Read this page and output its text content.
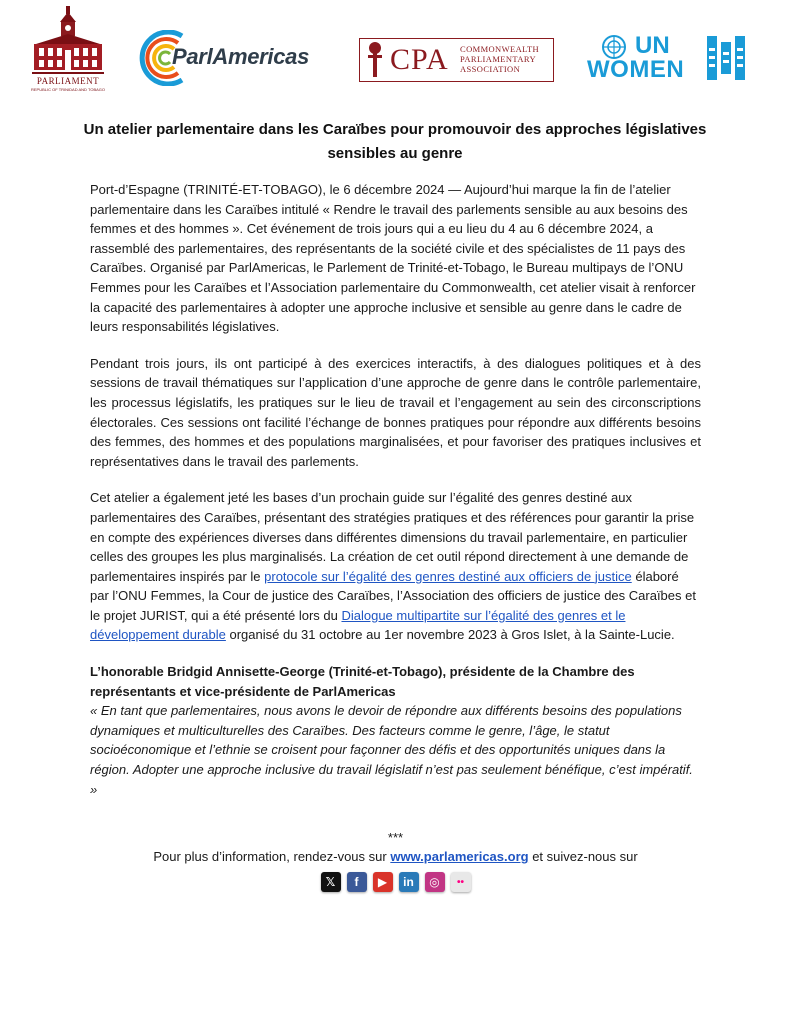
PARLIAMENT
REPUBLIC OF TRINIDAD AND TOBAGO
ParlAmericas	CPA COMMONWEALTH
PARLIAMENTARY
ASSOCIATION
UN
WOMEN
Un atelier parlementaire dans les Caraïbes pour promouvoir des approches législatives sensibles au genre

Port-d’Espagne (TRINITÉ-ET-TOBAGO), le 6 décembre 2024 — Aujourd’hui marque la fin de l’atelier parlementaire dans les Caraïbes intitulé « Rendre le travail des parlements sensible au aux besoins des femmes et des hommes ». Cet événement de trois jours qui a eu lieu du 4 au 6 décembre 2024, a rassemblé des parlementaires, des représentants de la société civile et des spécialistes de 11 pays des Caraïbes. Organisé par ParlAmericas, le Parlement de Trinité-et-Tobago, le Bureau multipays de l’ONU Femmes pour les Caraïbes et l’Association parlementaire du Commonwealth, cet atelier visait à renforcer la capacité des parlementaires à adopter une approche inclusive et sensible au genre dans le cadre de leurs responsabilités législatives.

Pendant trois jours, ils ont participé à des exercices interactifs, à des dialogues politiques et à des sessions de travail thématiques sur l’application d’une approche de genre dans le contrôle parlementaire, les processus législatifs, les pratiques sur le lieu de travail et l’engagement au sein des circonscriptions électorales. Ces sessions ont facilité l’échange de bonnes pratiques pour répondre aux différents besoins des femmes, des hommes et des populations marginalisées, et pour favoriser des pratiques inclusives et représentatives dans le travail des parlements.

Cet atelier a également jeté les bases d’un prochain guide sur l’égalité des genres destiné aux parlementaires des Caraïbes, présentant des stratégies pratiques et des références pour garantir la prise en compte des expériences diverses dans différentes dimensions du travail parlementaire, en particulier celles des groupes les plus marginalisés. La création de cet outil répond directement à une demande de parlementaires inspirés par le protocole sur l’égalité des genres destiné aux officiers de justice élaboré par l’ONU Femmes, la Cour de justice des Caraïbes, l’Association des officiers de justice des Caraïbes et le projet JURIST, qui a été présenté lors du Dialogue multipartite sur l’égalité des genres et le développement durable organisé du 31 octobre au 1er novembre 2023 à Gros Islet, à la Sainte-Lucie.

L’honorable Bridgid Annisette-George (Trinité-et-Tobago), présidente de la Chambre des représentants et vice-présidente de ParlAmericas

« En tant que parlementaires, nous avons le devoir de répondre aux différents besoins des populations dynamiques et multiculturelles des Caraïbes. Des facteurs comme le genre, l’âge, le statut socioéconomique et l’ethnie se croisent pour façonner des défis et des opportunités uniques dans la région. Adopter une approche inclusive du travail législatif n’est pas seulement bénéfique, c’est impératif. »

***
Pour plus d’information, rendez-vous sur www.parlamericas.org et suivez-nous sur
𝕏	f	▶	in	◎	••
